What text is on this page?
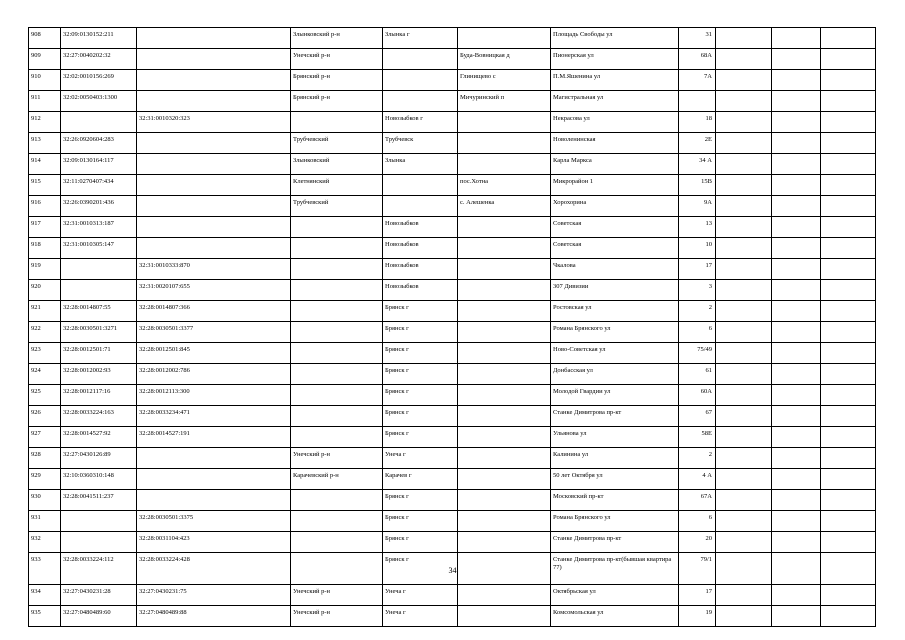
908	32:09:0130152:211		Злынковский р-н	Злынка г		Площадь Свободы ул	31			
909	32:27:0040202:32		Унечский р-н		Буда-Вовницкая д	Пионерская ул	68А			
910	32:02:0010156:269		Брянский р-н		Глинищево с	П.М.Яшенина ул	7А			
911	32:02:0050403:1300		Брянский р-н		Мичуринский п	Магистральная ул				
912		32:31:0010320:323		Новозыбков г		Некрасова ул	18			
913	32:26:0920604:283		Трубчевский	Трубчевск		Новоленинская	2Е			
914	32:09:0130164:117		Злынковский	Злынка		Карла Маркса	34 А			
915	32:11:0270407:434		Клетнянский		пос.Хотна	Микрорайон 1	15В			
916	32:26:0390201:436		Трубчевский		с. Алешенка	Хорохорина	9А			
917	32:31:0010313:187			Новозыбков		Советская	13			
918	32:31:0010305:147			Новозыбков		Советская	10			
919		32:31:0010333:870		Новозыбков		Чкалова	17			
920		32:31:0020107:655		Новозыбков		307 Дивизии	3			
921	32:28:0014807:55	32:28:0014807:366		Брянск г		Ростовская ул	2			
922	32:28:0030501:3271	32:28:0030501:3377		Брянск г		Романа Брянского ул	6			
923	32:28:0012501:71	32:28:0012501:845		Брянск г		Ново-Советская ул	75/49			
924	32:28:0012002:93	32:28:0012002:786		Брянск г		Донбасская ул	61			
925	32:28:0012117:16	32:28:0012113:300		Брянск г		Молодой Гвардии ул	60А			
926	32:28:0033224:163	32:28:0033234:471		Брянск г		Станке Димитрова пр-кт	67			
927	32:28:0014527:92	32:28:0014527:191		Брянск г		Ульянова ул	58Е			
928	32:27:0430126:89		Унечский р-н	Унеча г		Калинина ул	2			
929	32:10:0360310:148		Карачевский р-н	Карачев г		50 лет Октября ул	4 А			
930	32:28:0041511:237			Брянск г		Московский пр-кт	67А			
931		32:28:0030501:3375		Брянск г		Романа Брянского ул	6			
932		32:28:0031104:423		Брянск г		Станке Димитрова пр-кт	20			
933	32:28:0033224:112	32:28:0033224:428		Брянск г		Станке Димитрова пр-кт(бывшая квартира 77)	79/1			
934	32:27:0430231:28	32:27:0430231:75	Унечский р-н	Унеча г		Октябрьская ул	17			
935	32:27:0480489:60	32:27:0480489:88	Унечский р-н	Унеча г		Комсомольская ул	19			
34
